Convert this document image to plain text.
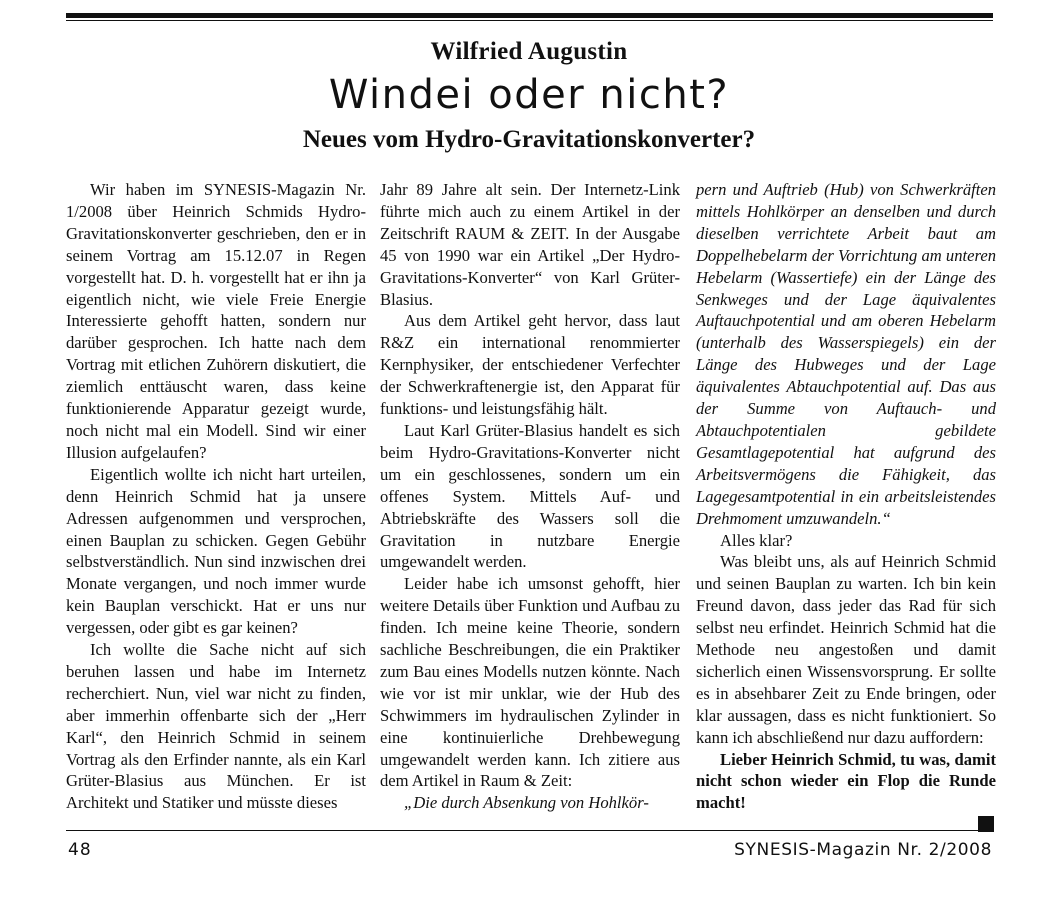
Wilfried Augustin
Windei oder nicht?
Neues vom Hydro-Gravitationskonverter?

Wir haben im SYNESIS-Magazin Nr. 1/2008 über Heinrich Schmids Hydro-Gravitationskonverter geschrieben, den er in seinem Vortrag am 15.12.07 in Regen vorgestellt hat. D. h. vorgestellt hat er ihn ja eigentlich nicht, wie viele Freie Energie Interessierte gehofft hatten, sondern nur darüber gesprochen. Ich hatte nach dem Vortrag mit etlichen Zuhörern diskutiert, die ziemlich enttäuscht waren, dass keine funktionierende Apparatur gezeigt wurde, noch nicht mal ein Modell. Sind wir einer Illusion aufgelaufen?

Eigentlich wollte ich nicht hart urteilen, denn Heinrich Schmid hat ja unsere Adressen aufgenommen und versprochen, einen Bauplan zu schicken. Gegen Gebühr selbstverständlich. Nun sind inzwischen drei Monate vergangen, und noch immer wurde kein Bauplan verschickt. Hat er uns nur vergessen, oder gibt es gar keinen?

Ich wollte die Sache nicht auf sich beruhen lassen und habe im Internetz recherchiert. Nun, viel war nicht zu finden, aber immerhin offenbarte sich der „Herr Karl“, den Heinrich Schmid in seinem Vortrag als den Erfinder nannte, als ein Karl Grüter-Blasius aus München. Er ist Architekt und Statiker und müsste dieses

Jahr 89 Jahre alt sein. Der Internetz-Link führte mich auch zu einem Artikel in der Zeitschrift RAUM & ZEIT. In der Ausgabe 45 von 1990 war ein Artikel „Der Hydro-Gravitations-Konverter“ von Karl Grüter-Blasius.

Aus dem Artikel geht hervor, dass laut R&Z ein international renommierter Kernphysiker, der entschiedener Verfechter der Schwerkraftenergie ist, den Apparat für funktions- und leistungsfähig hält.

Laut Karl Grüter-Blasius handelt es sich beim Hydro-Gravitations-Konverter nicht um ein geschlossenes, sondern um ein offenes System. Mittels Auf- und Abtriebskräfte des Wassers soll die Gravitation in nutzbare Energie umgewandelt werden.

Leider habe ich umsonst gehofft, hier weitere Details über Funktion und Aufbau zu finden. Ich meine keine Theorie, sondern sachliche Beschreibungen, die ein Praktiker zum Bau eines Modells nutzen könnte. Nach wie vor ist mir unklar, wie der Hub des Schwimmers im hydraulischen Zylinder in eine kontinuierliche Drehbewegung umgewandelt werden kann. Ich zitiere aus dem Artikel in Raum & Zeit:

„Die durch Absenkung von Hohlkör-

pern und Auftrieb (Hub) von Schwerkräften mittels Hohlkörper an denselben und durch dieselben verrichtete Arbeit baut am Doppelhebelarm der Vorrichtung am unteren Hebelarm (Wassertiefe) ein der Länge des Senkweges und der Lage äquivalentes Auftauchpotential und am oberen Hebelarm (unterhalb des Wasserspiegels) ein der Länge des Hubweges und der Lage äquivalentes Abtauchpotential auf. Das aus der Summe von Auftauch- und Abtauchpotentialen gebildete Gesamtlagepotential hat aufgrund des Arbeitsvermögens die Fähigkeit, das Lagegesamtpotential in ein arbeitsleistendes Drehmoment umzuwandeln.“

Alles klar?

Was bleibt uns, als auf Heinrich Schmid und seinen Bauplan zu warten. Ich bin kein Freund davon, dass jeder das Rad für sich selbst neu erfindet. Heinrich Schmid hat die Methode neu angestoßen und damit sicherlich einen Wissensvorsprung. Er sollte es in absehbarer Zeit zu Ende bringen, oder klar aussagen, dass es nicht funktioniert. So kann ich abschließend nur dazu auffordern:

Lieber Heinrich Schmid, tu was, damit nicht schon wieder ein Flop die Runde macht!

48	SYNESIS-Magazin Nr. 2/2008
